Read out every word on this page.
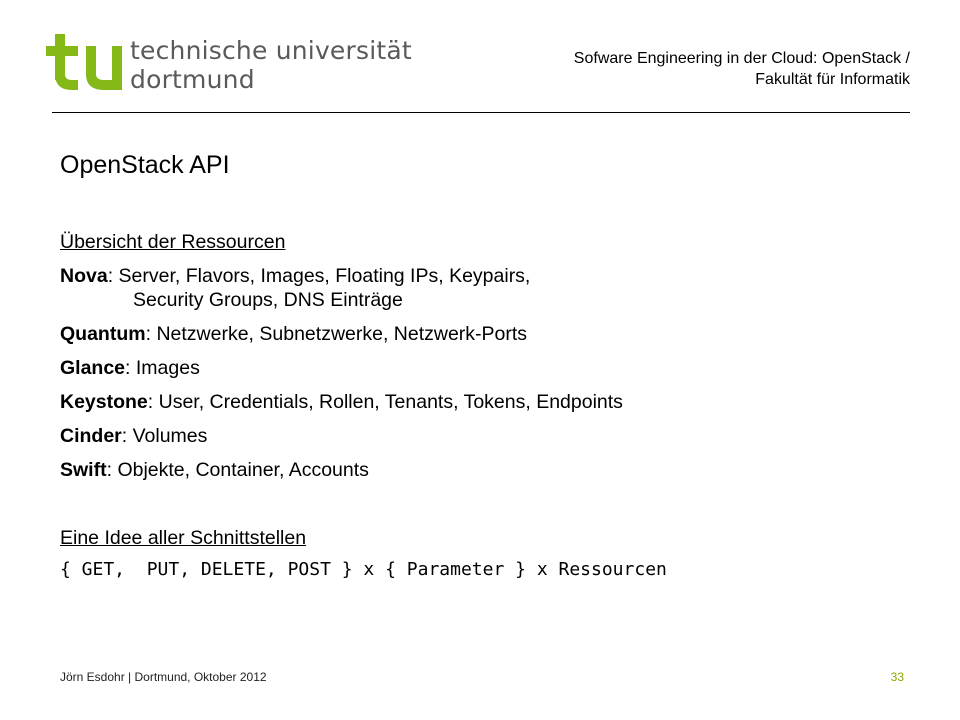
technische universität
dortmund
Sofware Engineering in der Cloud: OpenStack /
Fakultät für Informatik
OpenStack API

Übersicht der Ressourcen

Nova: Server, Flavors, Images, Floating IPs, Keypairs,
Security Groups, DNS Einträge
Quantum: Netzwerke, Subnetzwerke, Netzwerk-Ports
Glance: Images
Keystone: User, Credentials, Rollen, Tenants, Tokens, Endpoints
Cinder: Volumes
Swift: Objekte, Container, Accounts

Eine Idee aller Schnittstellen

{ GET,  PUT, DELETE, POST } x { Parameter } x Ressourcen

Jörn Esdohr | Dortmund, Oktober 2012	33
